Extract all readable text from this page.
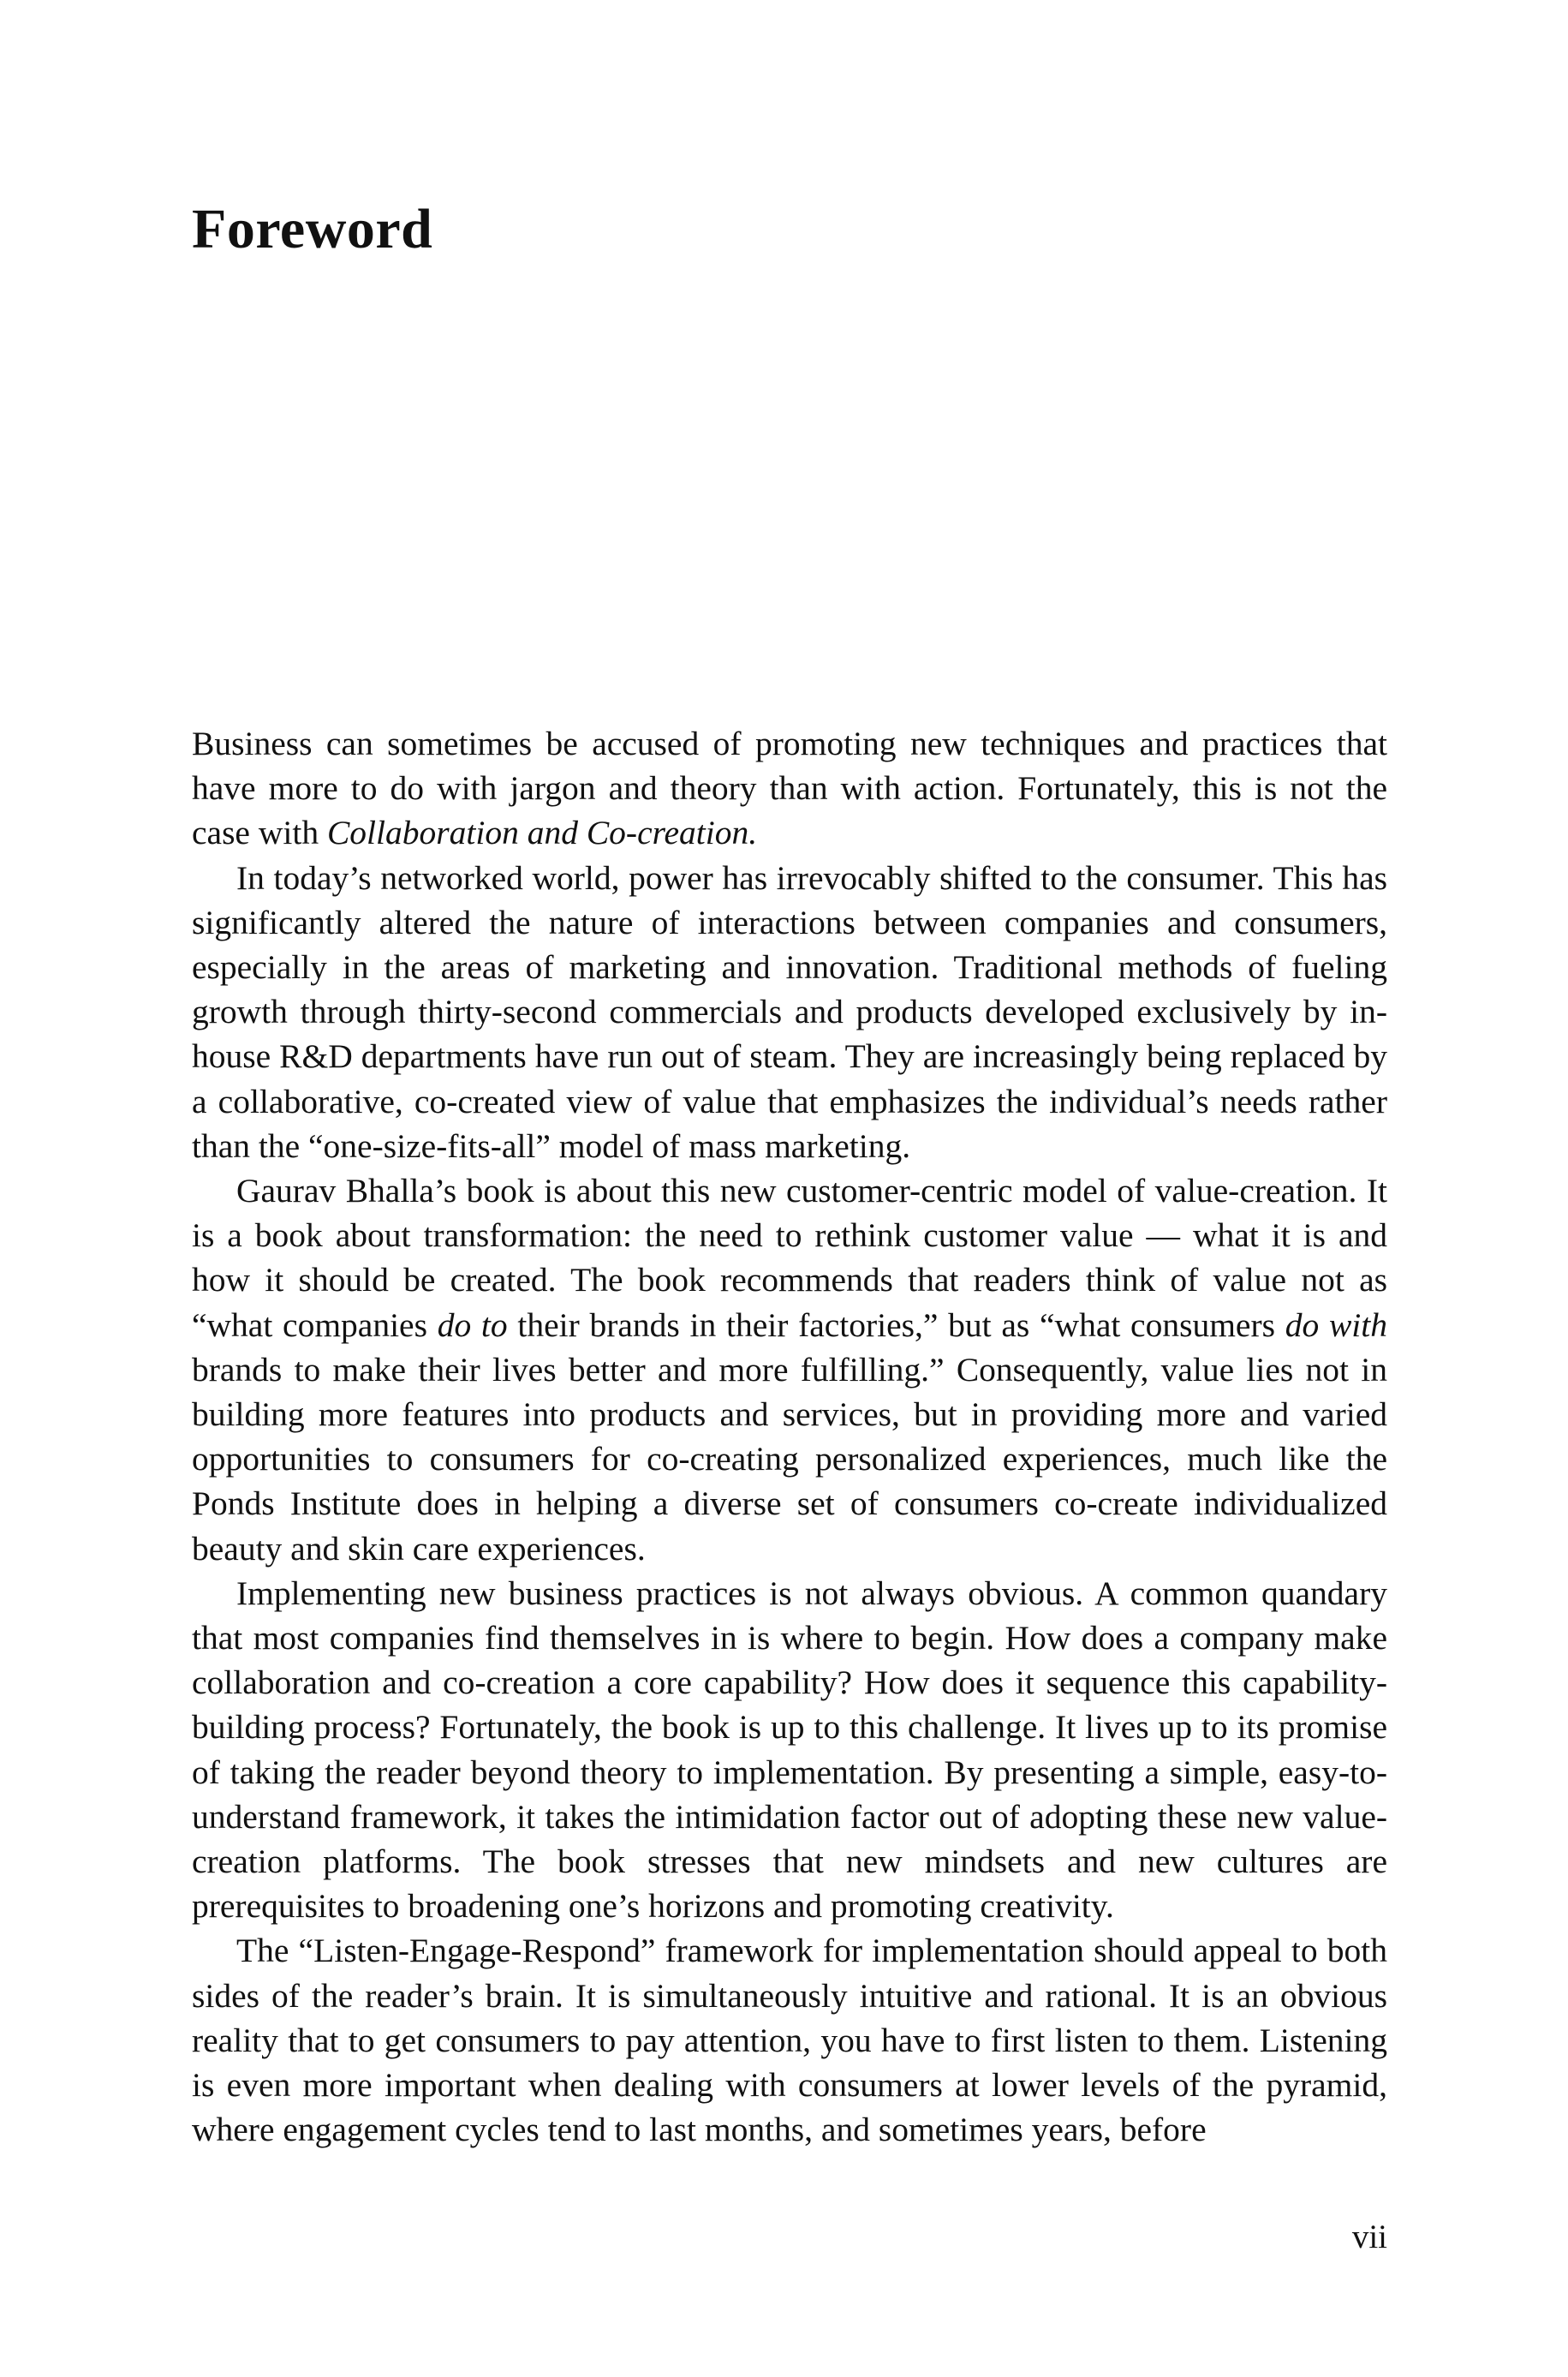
Foreword

Business can sometimes be accused of promoting new techniques and practices that have more to do with jargon and theory than with action. Fortunately, this is not the case with Collaboration and Co-creation.

In today’s networked world, power has irrevocably shifted to the consumer. This has significantly altered the nature of interactions between companies and consumers, especially in the areas of marketing and innovation. Traditional methods of fueling growth through thirty-second commercials and products developed exclusively by in-house R&D departments have run out of steam. They are increasingly being replaced by a collaborative, co-created view of value that emphasizes the individual’s needs rather than the “one-size-fits-all” model of mass marketing.

Gaurav Bhalla’s book is about this new customer-centric model of value-creation. It is a book about transformation: the need to rethink customer value — what it is and how it should be created. The book recommends that readers think of value not as “what companies do to their brands in their factories,” but as “what consumers do with brands to make their lives better and more fulfilling.” Consequently, value lies not in building more features into products and services, but in providing more and varied opportunities to consumers for co-creating personalized experiences, much like the Ponds Institute does in helping a diverse set of consumers co-create individualized beauty and skin care experiences.

Implementing new business practices is not always obvious. A common quandary that most companies find themselves in is where to begin. How does a company make collaboration and co-creation a core capability? How does it sequence this capability-building process? Fortunately, the book is up to this challenge. It lives up to its promise of taking the reader beyond theory to implementation. By presenting a simple, easy-to-understand framework, it takes the intimidation factor out of adopting these new value-creation platforms. The book stresses that new mindsets and new cultures are prerequisites to broadening one’s horizons and promoting creativity.

The “Listen-Engage-Respond” framework for implementation should appeal to both sides of the reader’s brain. It is simultaneously intuitive and rational. It is an obvious reality that to get consumers to pay attention, you have to first listen to them. Listening is even more important when dealing with consumers at lower levels of the pyramid, where engagement cycles tend to last months, and sometimes years, before

vii
